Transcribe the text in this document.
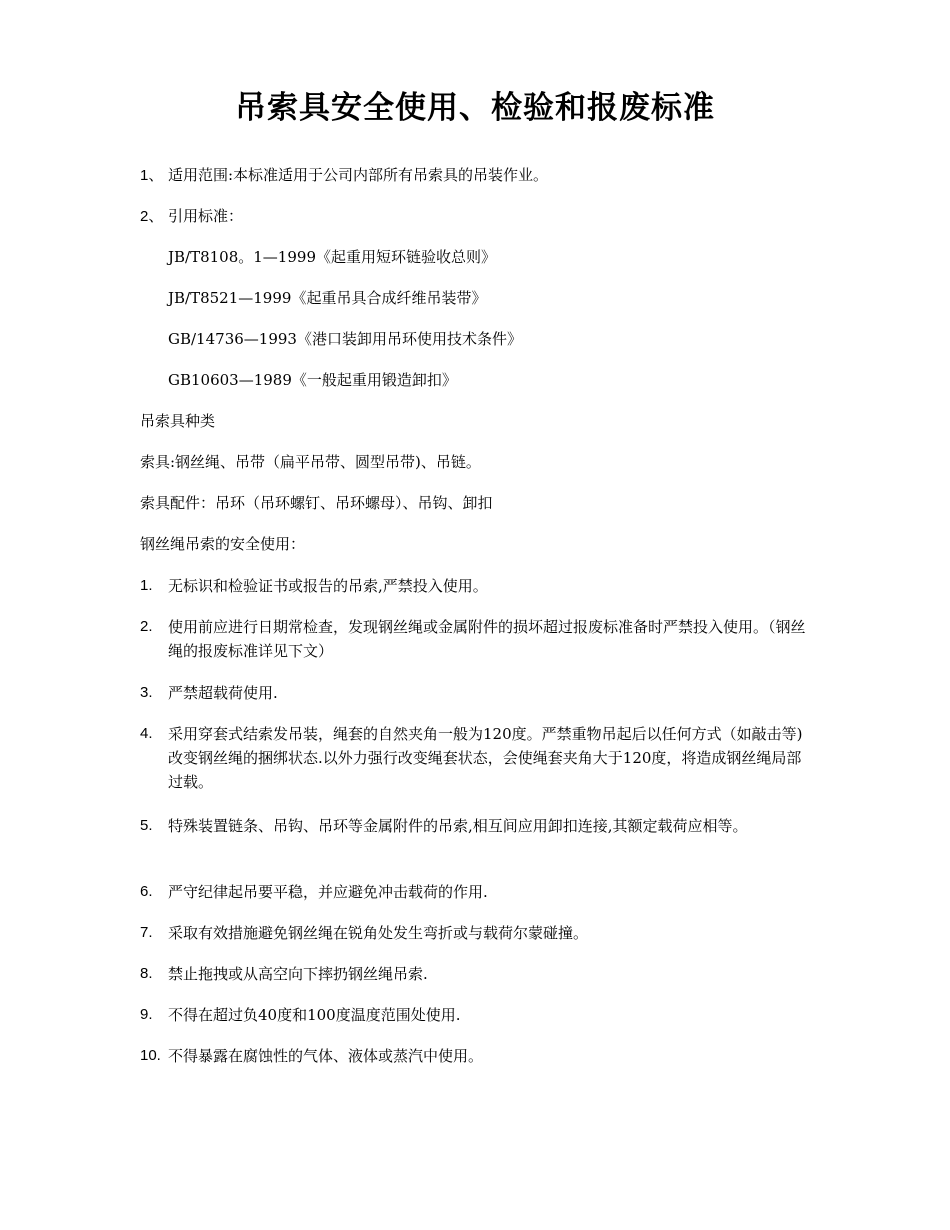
吊索具安全使用、检验和报废标准
1、 适用范围:本标准适用于公司内部所有吊索具的吊装作业。
2、 引用标准：
JB/T8108。1—1999《起重用短环链验收总则》
JB/T8521—1999《起重吊具合成纤维吊装带》
GB/14736—1993《港口装卸用吊环使用技术条件》
GB10603—1989《一般起重用锻造卸扣》
吊索具种类
索具:钢丝绳、吊带（扁平吊带、圆型吊带)、吊链。
索具配件：吊环（吊环螺钉、吊环螺母）、吊钩、卸扣
钢丝绳吊索的安全使用：
1. 无标识和检验证书或报告的吊索,严禁投入使用。
2. 使用前应进行日期常检查，发现钢丝绳或金属附件的损坏超过报废标准备时严禁投入使用。（钢丝绳的报废标准详见下文）
3. 严禁超载荷使用.
4. 采用穿套式结索发吊装，绳套的自然夹角一般为120度。严禁重物吊起后以任何方式（如敲击等)改变钢丝绳的捆绑状态.以外力强行改变绳套状态，会使绳套夹角大于120度，将造成钢丝绳局部过载。
5. 特殊装置链条、吊钩、吊环等金属附件的吊索,相互间应用卸扣连接,其额定载荷应相等。
6. 严守纪律起吊要平稳，并应避免冲击载荷的作用.
7. 采取有效措施避免钢丝绳在锐角处发生弯折或与载荷尔蒙碰撞。
8. 禁止拖拽或从高空向下摔扔钢丝绳吊索.
9. 不得在超过负40度和100度温度范围处使用.
10. 不得暴露在腐蚀性的气体、液体或蒸汽中使用。
